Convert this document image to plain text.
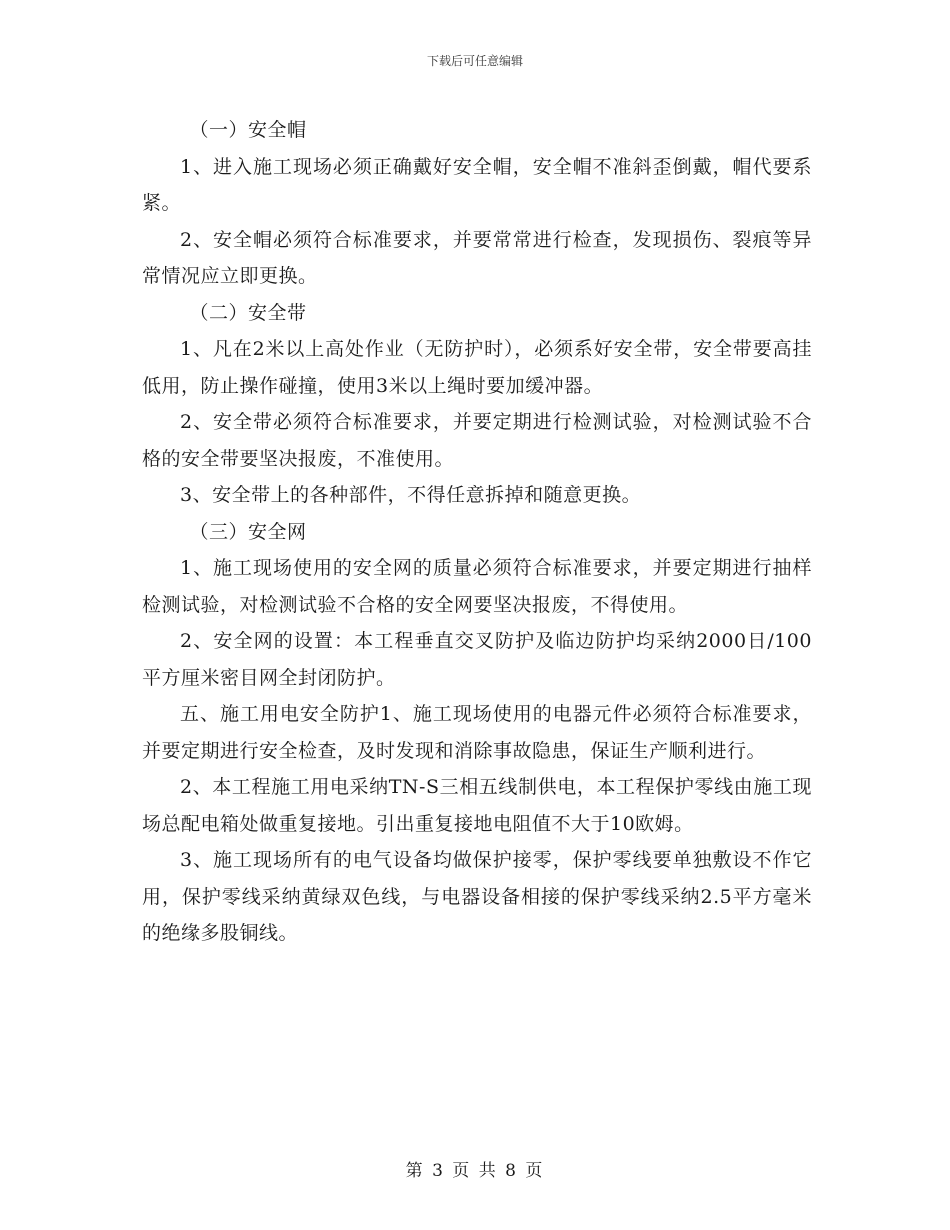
下载后可任意编辑

（一）安全帽

1、进入施工现场必须正确戴好安全帽，安全帽不准斜歪倒戴，帽代要系紧。

2、安全帽必须符合标准要求，并要常常进行检查，发现损伤、裂痕等异常情况应立即更换。

（二）安全带

1、凡在2米以上高处作业（无防护时），必须系好安全带，安全带要高挂低用，防止操作碰撞，使用3米以上绳时要加缓冲器。

2、安全带必须符合标准要求，并要定期进行检测试验，对检测试验不合格的安全带要坚决报废，不准使用。

3、安全带上的各种部件，不得任意拆掉和随意更换。

（三）安全网

1、施工现场使用的安全网的质量必须符合标准要求，并要定期进行抽样检测试验，对检测试验不合格的安全网要坚决报废，不得使用。

2、安全网的设置：本工程垂直交叉防护及临边防护均采纳2000日/100平方厘米密目网全封闭防护。

五、施工用电安全防护1、施工现场使用的电器元件必须符合标准要求，并要定期进行安全检查，及时发现和消除事故隐患，保证生产顺利进行。

2、本工程施工用电采纳TN-S三相五线制供电，本工程保护零线由施工现场总配电箱处做重复接地。引出重复接地电阻值不大于10欧姆。

3、施工现场所有的电气设备均做保护接零，保护零线要单独敷设不作它用，保护零线采纳黄绿双色线，与电器设备相接的保护零线采纳2.5平方毫米的绝缘多股铜线。

第 3 页 共 8 页
